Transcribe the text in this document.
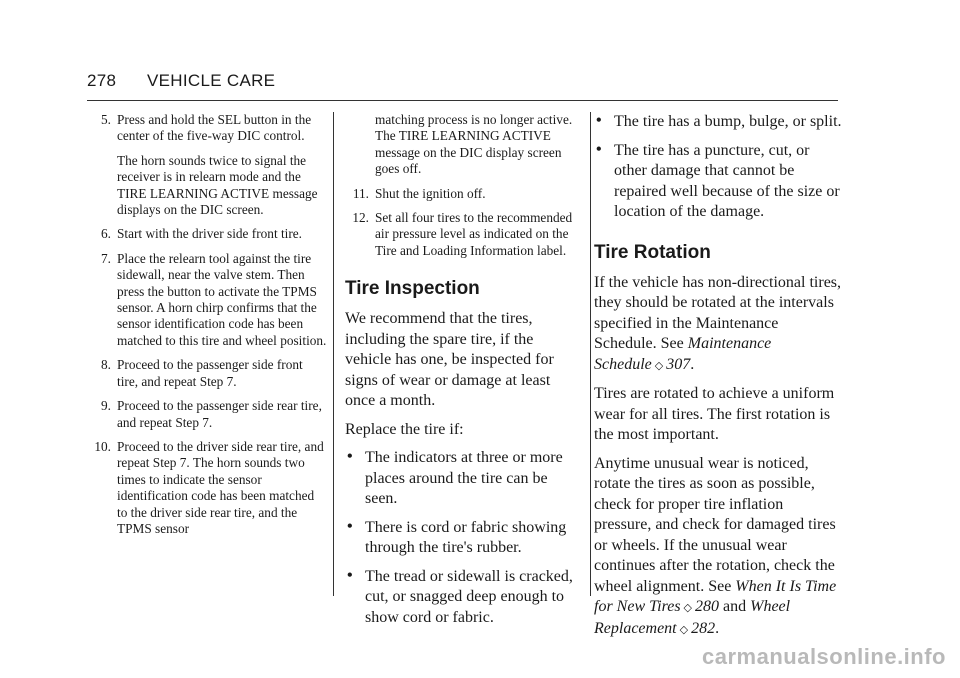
278 VEHICLE CARE
5. Press and hold the SEL button in the center of the five-way DIC control.
The horn sounds twice to signal the receiver is in relearn mode and the TIRE LEARNING ACTIVE message displays on the DIC screen.
6. Start with the driver side front tire.
7. Place the relearn tool against the tire sidewall, near the valve stem. Then press the button to activate the TPMS sensor. A horn chirp confirms that the sensor identification code has been matched to this tire and wheel position.
8. Proceed to the passenger side front tire, and repeat Step 7.
9. Proceed to the passenger side rear tire, and repeat Step 7.
10. Proceed to the driver side rear tire, and repeat Step 7. The horn sounds two times to indicate the sensor identification code has been matched to the driver side rear tire, and the TPMS sensor
matching process is no longer active. The TIRE LEARNING ACTIVE message on the DIC display screen goes off.
11. Shut the ignition off.
12. Set all four tires to the recommended air pressure level as indicated on the Tire and Loading Information label.
Tire Inspection

We recommend that the tires, including the spare tire, if the vehicle has one, be inspected for signs of wear or damage at least once a month.

Replace the tire if:

• The indicators at three or more places around the tire can be seen.
• There is cord or fabric showing through the tire's rubber.
• The tread or sidewall is cracked, cut, or snagged deep enough to show cord or fabric.
• The tire has a bump, bulge, or split.
• The tire has a puncture, cut, or other damage that cannot be repaired well because of the size or location of the damage.
Tire Rotation

If the vehicle has non-directional tires, they should be rotated at the intervals specified in the Maintenance Schedule. See Maintenance Schedule ◇ 307.

Tires are rotated to achieve a uniform wear for all tires. The first rotation is the most important.

Anytime unusual wear is noticed, rotate the tires as soon as possible, check for proper tire inflation pressure, and check for damaged tires or wheels. If the unusual wear continues after the rotation, check the wheel alignment. See When It Is Time for New Tires ◇ 280 and Wheel Replacement ◇ 282.

carmanualsonline.info
